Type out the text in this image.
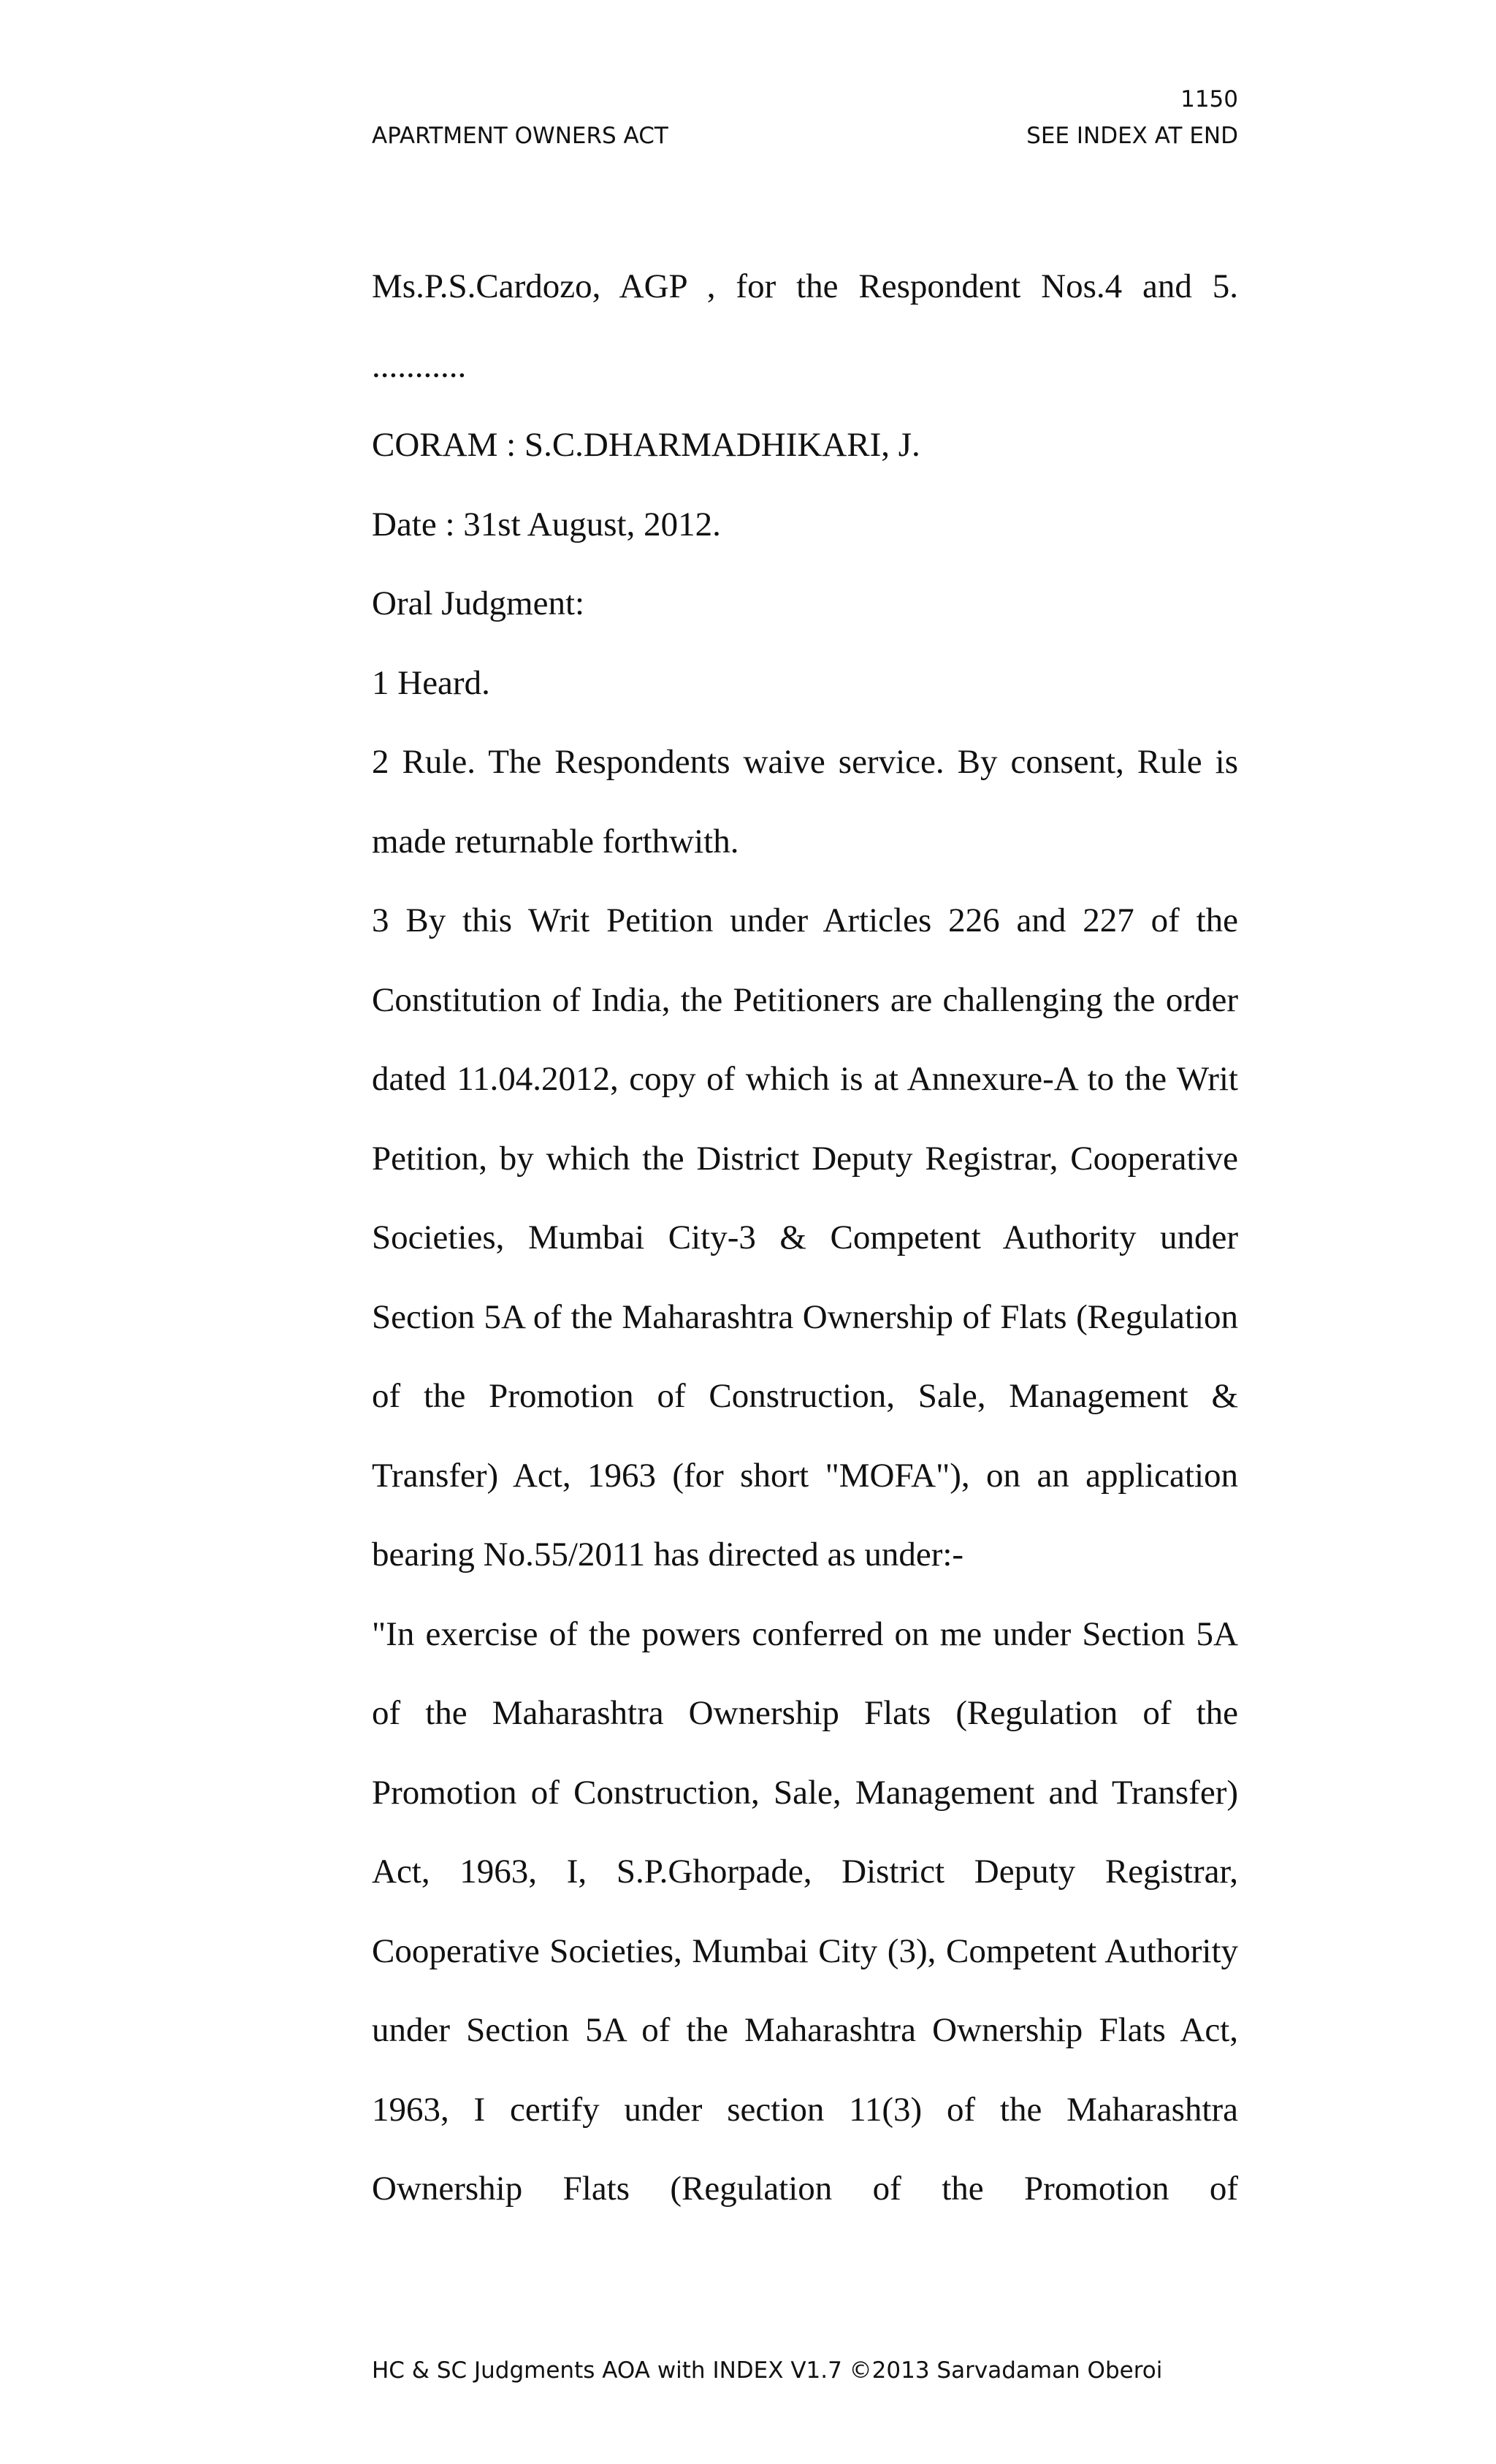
1150
APARTMENT OWNERS ACT	SEE INDEX AT END
Ms.P.S.Cardozo, AGP , for the Respondent Nos.4 and 5.
...........
CORAM : S.C.DHARMADHIKARI, J.
Date : 31st August, 2012.
Oral Judgment:
1 Heard.
2 Rule. The Respondents waive service. By consent, Rule is
made returnable forthwith.
3 By this Writ Petition under Articles 226 and 227 of the
Constitution of India, the Petitioners are challenging the order
dated 11.04.2012, copy of which is at Annexure-A to the Writ
Petition, by which the District Deputy Registrar, Cooperative
Societies, Mumbai City-3 & Competent Authority under
Section 5A of the Maharashtra Ownership of Flats (Regulation
of the Promotion of Construction, Sale, Management &
Transfer) Act, 1963 (for short "MOFA"), on an application
bearing No.55/2011 has directed as under:-
"In exercise of the powers conferred on me under Section 5A
of the Maharashtra Ownership Flats (Regulation of the
Promotion of Construction, Sale, Management and Transfer)
Act, 1963, I, S.P.Ghorpade, District Deputy Registrar,
Cooperative Societies, Mumbai City (3), Competent Authority
under Section 5A of the Maharashtra Ownership Flats Act,
1963, I certify under section 11(3) of the Maharashtra
Ownership Flats (Regulation of the Promotion of
HC & SC Judgments AOA with INDEX V1.7 ©2013 Sarvadaman Oberoi
